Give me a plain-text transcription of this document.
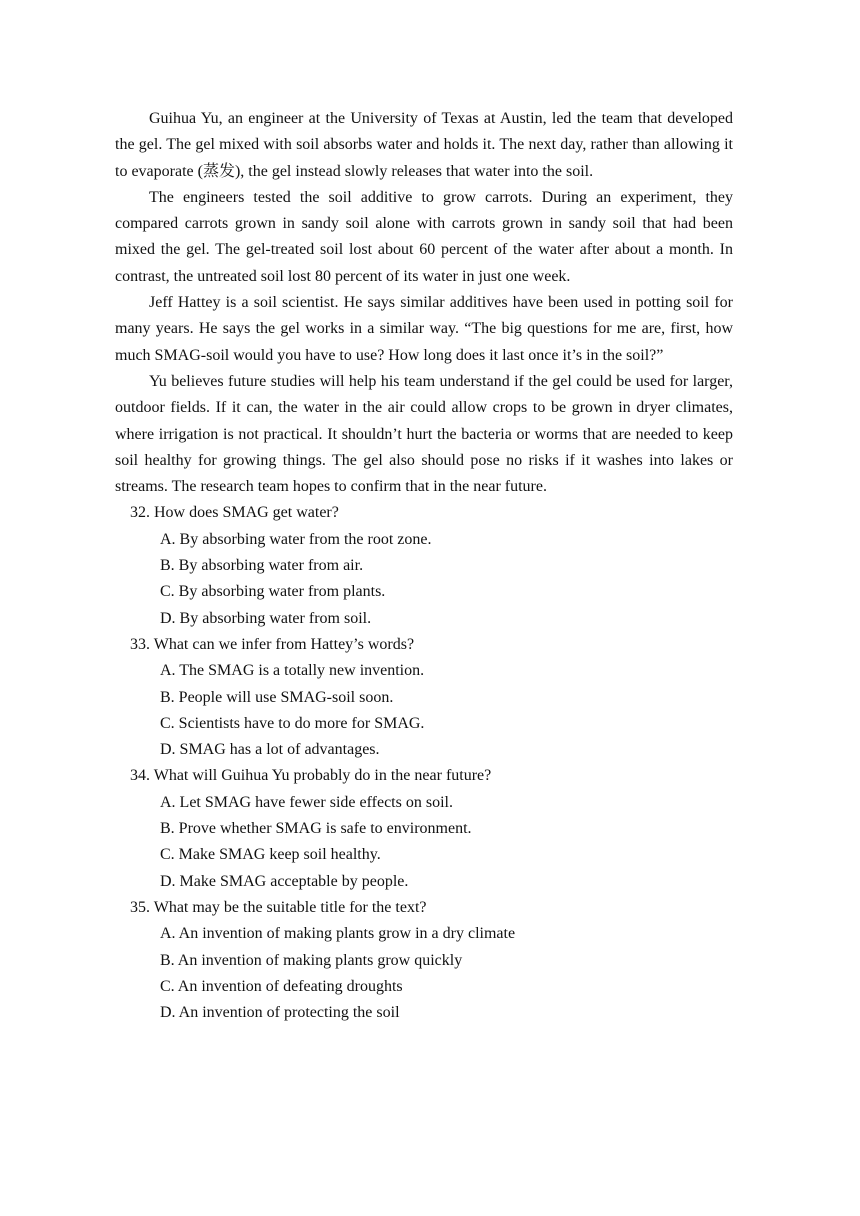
Guihua Yu, an engineer at the University of Texas at Austin, led the team that developed the gel. The gel mixed with soil absorbs water and holds it. The next day, rather than allowing it to evaporate (蒸发), the gel instead slowly releases that water into the soil.

The engineers tested the soil additive to grow carrots. During an experiment, they compared carrots grown in sandy soil alone with carrots grown in sandy soil that had been mixed the gel. The gel-treated soil lost about 60 percent of the water after about a month. In contrast, the untreated soil lost 80 percent of its water in just one week.

Jeff Hattey is a soil scientist. He says similar additives have been used in potting soil for many years. He says the gel works in a similar way. “The big questions for me are, first, how much SMAG-soil would you have to use? How long does it last once it’s in the soil?”

Yu believes future studies will help his team understand if the gel could be used for larger, outdoor fields. If it can, the water in the air could allow crops to be grown in dryer climates, where irrigation is not practical. It shouldn’t hurt the bacteria or worms that are needed to keep soil healthy for growing things. The gel also should pose no risks if it washes into lakes or streams. The research team hopes to confirm that in the near future.

32. How does SMAG get water?

A. By absorbing water from the root zone.

B. By absorbing water from air.

C. By absorbing water from plants.

D. By absorbing water from soil.

33. What can we infer from Hattey’s words?

A. The SMAG is a totally new invention.

B. People will use SMAG-soil soon.

C. Scientists have to do more for SMAG.

D. SMAG has a lot of advantages.

34. What will Guihua Yu probably do in the near future?

A. Let SMAG have fewer side effects on soil.

B. Prove whether SMAG is safe to environment.

C. Make SMAG keep soil healthy.

D. Make SMAG acceptable by people.

35. What may be the suitable title for the text?

A. An invention of making plants grow in a dry climate

B. An invention of making plants grow quickly

C. An invention of defeating droughts

D. An invention of protecting the soil
